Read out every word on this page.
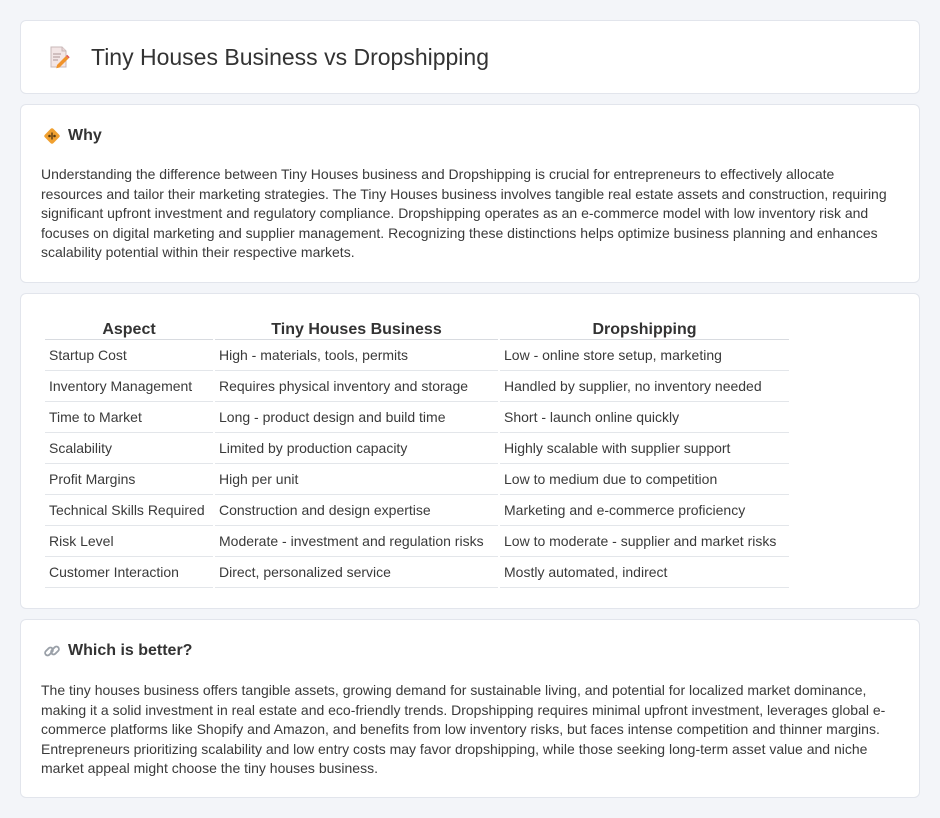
Tiny Houses Business vs Dropshipping
Why

Understanding the difference between Tiny Houses business and Dropshipping is crucial for entrepreneurs to effectively allocate resources and tailor their marketing strategies. The Tiny Houses business involves tangible real estate assets and construction, requiring significant upfront investment and regulatory compliance. Dropshipping operates as an e-commerce model with low inventory risk and focuses on digital marketing and supplier management. Recognizing these distinctions helps optimize business planning and enhances scalability potential within their respective markets.

Aspect	Tiny Houses Business	Dropshipping
Startup Cost	High - materials, tools, permits	Low - online store setup, marketing
Inventory Management	Requires physical inventory and storage	Handled by supplier, no inventory needed
Time to Market	Long - product design and build time	Short - launch online quickly
Scalability	Limited by production capacity	Highly scalable with supplier support
Profit Margins	High per unit	Low to medium due to competition
Technical Skills Required	Construction and design expertise	Marketing and e-commerce proficiency
Risk Level	Moderate - investment and regulation risks	Low to moderate - supplier and market risks
Customer Interaction	Direct, personalized service	Mostly automated, indirect
Which is better?

The tiny houses business offers tangible assets, growing demand for sustainable living, and potential for localized market dominance, making it a solid investment in real estate and eco-friendly trends. Dropshipping requires minimal upfront investment, leverages global e-commerce platforms like Shopify and Amazon, and benefits from low inventory risks, but faces intense competition and thinner margins. Entrepreneurs prioritizing scalability and low entry costs may favor dropshipping, while those seeking long-term asset value and niche market appeal might choose the tiny houses business.
